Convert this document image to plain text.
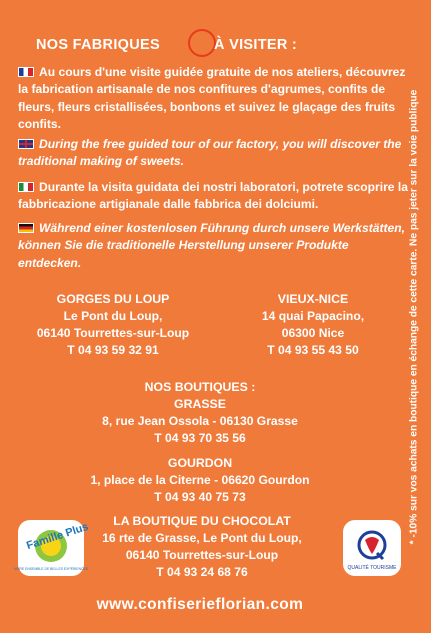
NOS FABRIQUES	À VISITER :
Au cours d'une visite guidée gratuite de nos ateliers, découvrez la fabrication artisanale de nos confitures d'agrumes, confits de fleurs, fleurs cristallisées, bonbons et suivez le glaçage des fruits confits.
During the free guided tour of our factory, you will discover the traditional making of sweets.
Durante la visita guidata dei nostri laboratori, potrete scoprire la fabbricazione artigianale dalle fabbrica dei dolciumi.
Während einer kostenlosen Führung durch unsere Werkstätten, können Sie die traditionelle Herstellung unserer Produkte entdecken.
GORGES DU LOUP
Le Pont du Loup,
06140 Tourrettes-sur-Loup
T 04 93 59 32 91
VIEUX-NICE
14 quai Papacino,
06300 Nice
T 04 93 55 43 50
NOS BOUTIQUES :
GRASSE
8, rue Jean Ossola - 06130 Grasse
T 04 93 70 35 56
GOURDON
1, place de la Citerne - 06620 Gourdon
T 04 93 40 75 73
LA BOUTIQUE DU CHOCOLAT
16 rte de Grasse, Le Pont du Loup,
06140 Tourrettes-sur-Loup
T 04 93 24 68 76
Famille Plus
VIVRE ENSEMBLE DE BELLES EXPÉRIENCES	QUALITÉ TOURISME
* -10% sur vos achats en boutique en échange de cette carte. Ne pas jeter sur la voie publique
www.confiserieflorian.com
